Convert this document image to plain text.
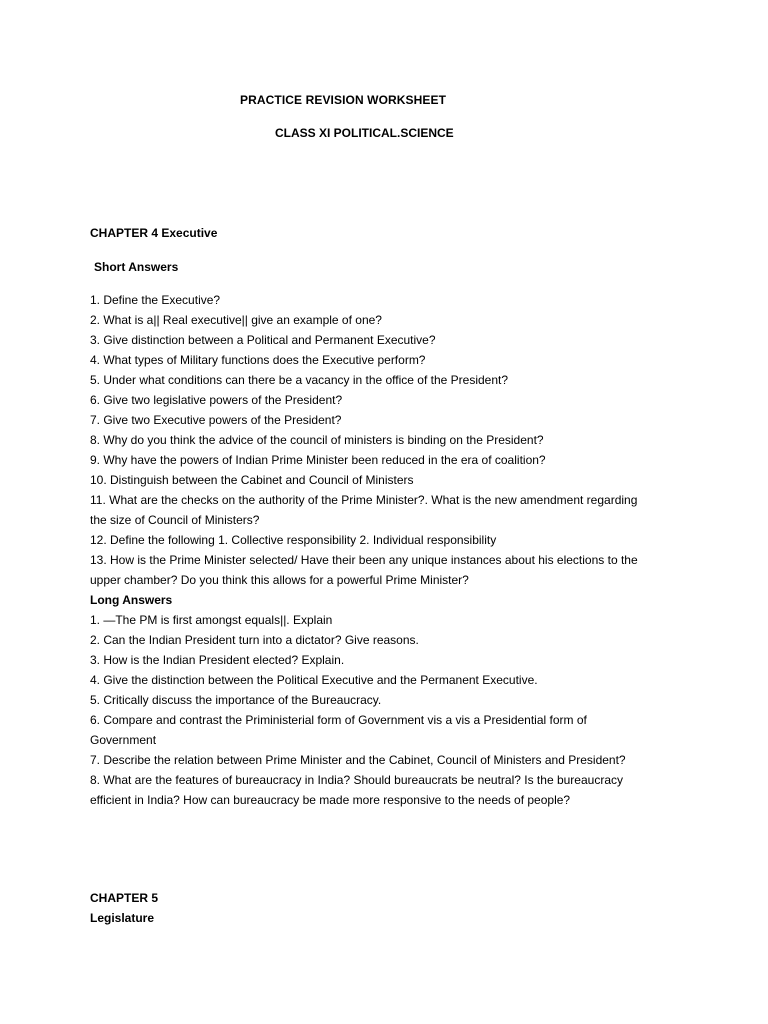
PRACTICE REVISION WORKSHEET
CLASS XI POLITICAL.SCIENCE
CHAPTER 4 Executive
Short Answers
1. Define the Executive?
2. What is a|| Real executive|| give an example of one?
3. Give distinction between a Political and Permanent Executive?
4. What types of Military functions does the Executive perform?
5. Under what conditions can there be a vacancy in the office of the President?
6. Give two legislative powers of the President?
7. Give two Executive powers of the President?
8. Why do you think the advice of the council of ministers is binding on the President?
9. Why have the powers of Indian Prime Minister been reduced in the era of coalition?
10. Distinguish between the Cabinet and Council of Ministers
11. What are the checks on the authority of the Prime Minister?. What is the new amendment regarding
the size of Council of Ministers?
12. Define the following 1. Collective responsibility 2. Individual responsibility
13. How is the Prime Minister selected/ Have their been any unique instances about his elections to the
upper chamber? Do you think this allows for a powerful Prime Minister?
Long Answers
1. —The PM is first amongst equals||. Explain
2. Can the Indian President turn into a dictator? Give reasons.
3. How is the Indian President elected? Explain.
4. Give the distinction between the Political Executive and the Permanent Executive.
5. Critically discuss the importance of the Bureaucracy.
6. Compare and contrast the Priministerial form of Government vis a vis a Presidential form of
Government
7. Describe the relation between Prime Minister and the Cabinet, Council of Ministers and President?
8. What are the features of bureaucracy in India? Should bureaucrats be neutral? Is the bureaucracy
efficient in India? How can bureaucracy be made more responsive to the needs of people?
CHAPTER 5
Legislature
